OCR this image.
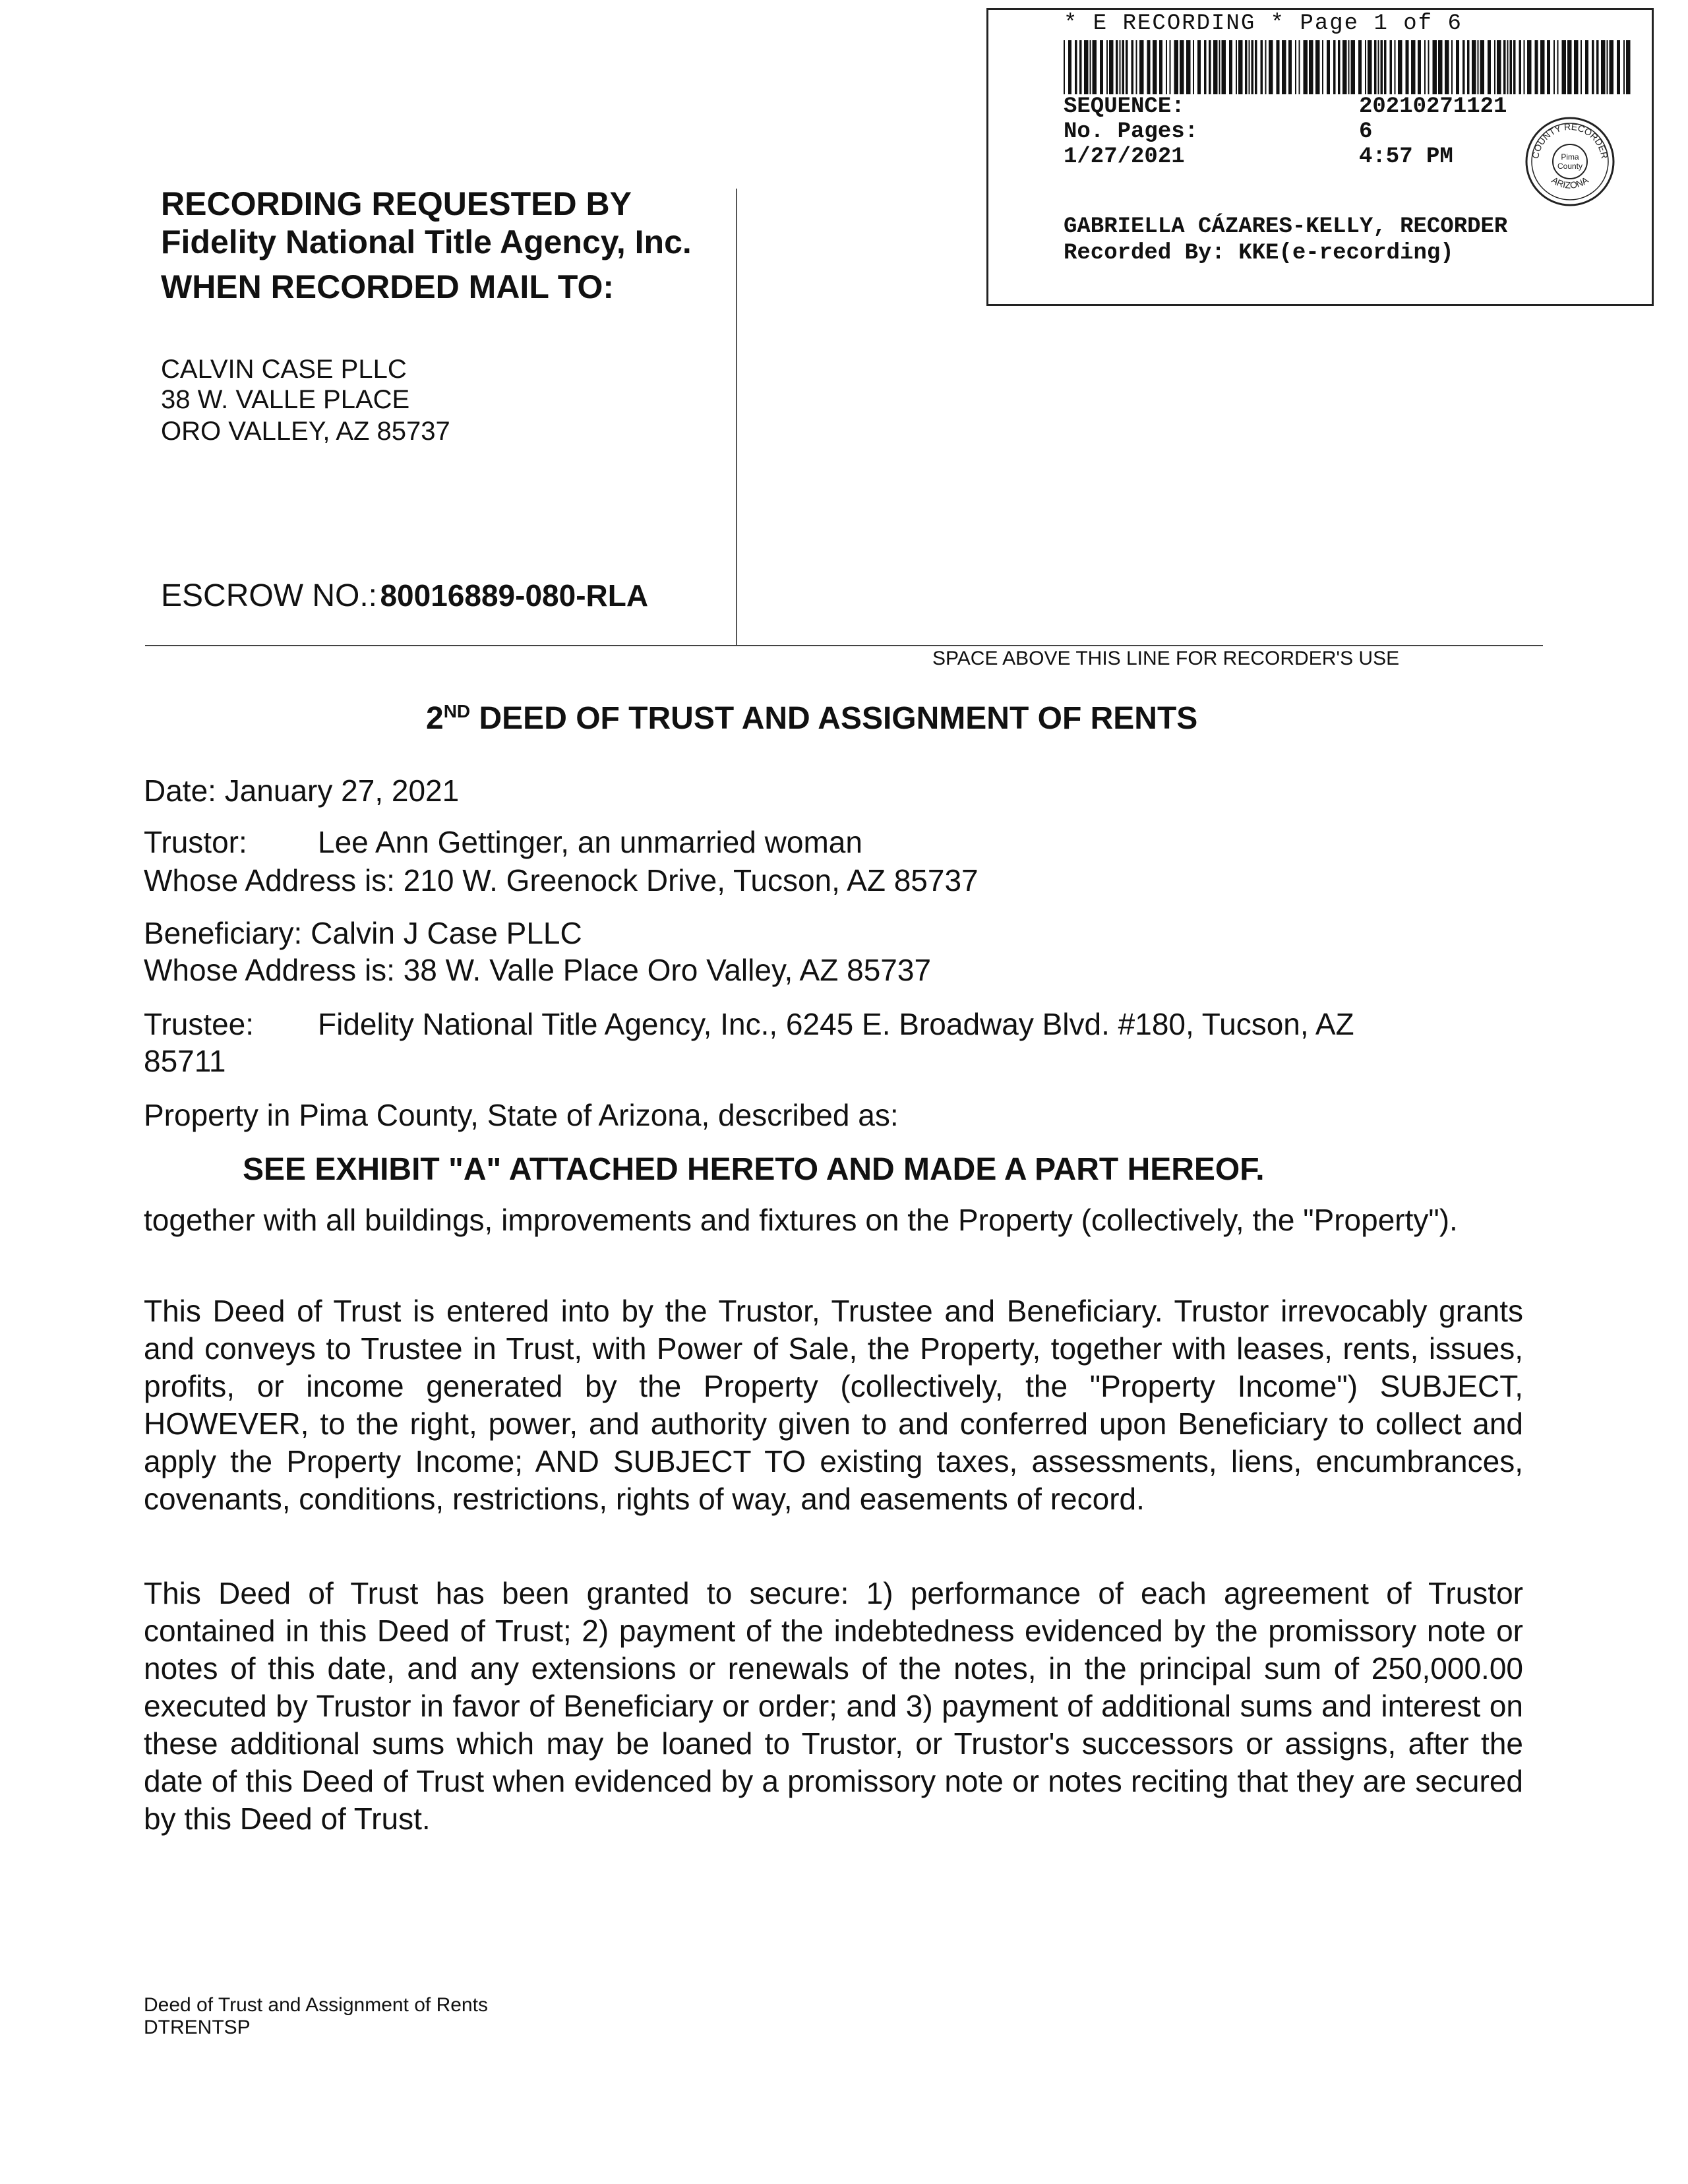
* E RECORDING * Page 1 of 6
SEQUENCE:	20210271121
No. Pages:	6
1/27/2021	4:57 PM	COUNTY RECORDER
ARIZONA
Pima
County
GABRIELLA CÁZARES-KELLY, RECORDER
Recorded By: KKE(e-recording)
RECORDING REQUESTED BY
Fidelity National Title Agency, Inc.
WHEN RECORDED MAIL TO:
CALVIN CASE PLLC
38 W. VALLE PLACE
ORO VALLEY, AZ 85737
ESCROW NO.: 80016889-080-RLA
SPACE ABOVE THIS LINE FOR RECORDER'S USE
2ND DEED OF TRUST AND ASSIGNMENT OF RENTS
Date: January 27, 2021
Trustor: Lee Ann Gettinger, an unmarried woman
Whose Address is: 210 W. Greenock Drive, Tucson, AZ 85737
Beneficiary: Calvin J Case PLLC
Whose Address is: 38 W. Valle Place Oro Valley, AZ 85737
Trustee: Fidelity National Title Agency, Inc., 6245 E. Broadway Blvd. #180, Tucson, AZ
85711
Property in Pima County, State of Arizona, described as:
SEE EXHIBIT "A" ATTACHED HERETO AND MADE A PART HEREOF.
together with all buildings, improvements and fixtures on the Property (collectively, the "Property").
This Deed of Trust is entered into by the Trustor, Trustee and Beneficiary. Trustor irrevocably grants and conveys to Trustee in Trust, with Power of Sale, the Property, together with leases, rents, issues, profits, or income generated by the Property (collectively, the "Property Income") SUBJECT, HOWEVER, to the right, power, and authority given to and conferred upon Beneficiary to collect and apply the Property Income; AND SUBJECT TO existing taxes, assessments, liens, encumbrances, covenants, conditions, restrictions, rights of way, and easements of record.
This Deed of Trust has been granted to secure: 1) performance of each agreement of Trustor contained in this Deed of Trust; 2) payment of the indebtedness evidenced by the promissory note or notes of this date, and any extensions or renewals of the notes, in the principal sum of 250,000.00 executed by Trustor in favor of Beneficiary or order; and 3) payment of additional sums and interest on these additional sums which may be loaned to Trustor, or Trustor's successors or assigns, after the date of this Deed of Trust when evidenced by a promissory note or notes reciting that they are secured by this Deed of Trust.
Deed of Trust and Assignment of Rents
DTRENTSP
